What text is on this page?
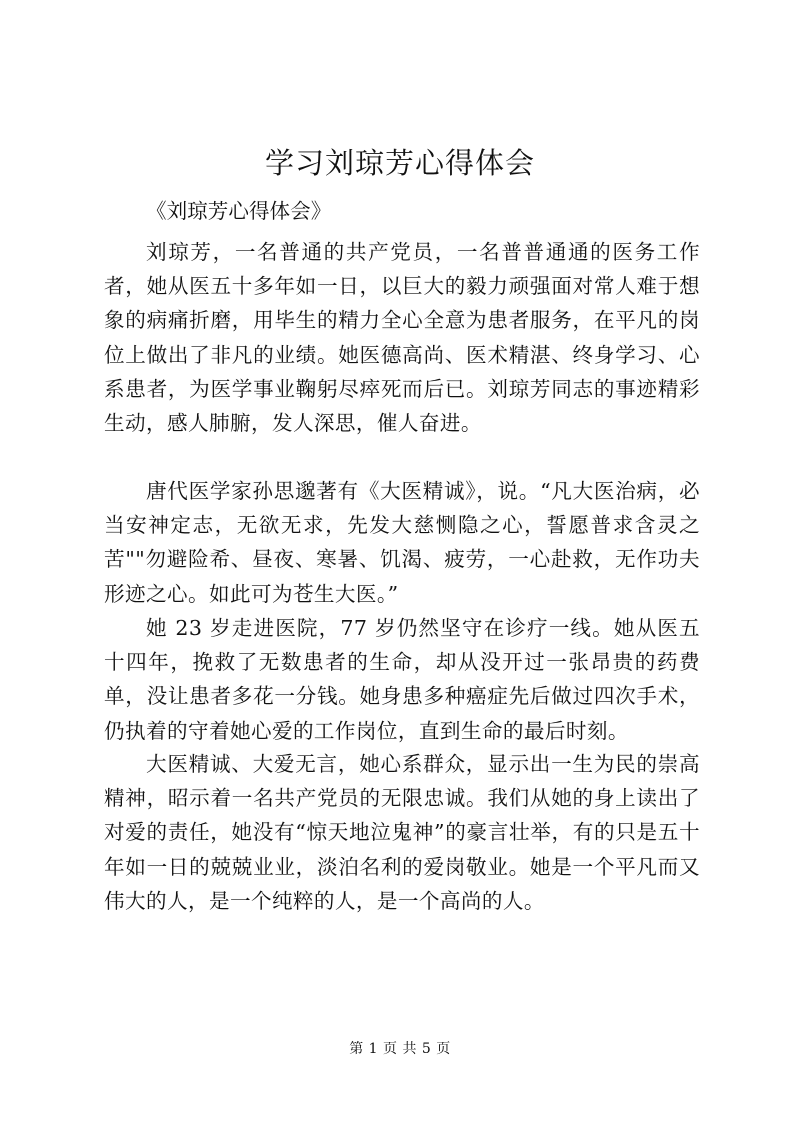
学习刘琼芳心得体会

《刘琼芳心得体会》

刘琼芳，一名普通的共产党员，一名普普通通的医务工作者，她从医五十多年如一日，以巨大的毅力顽强面对常人难于想象的病痛折磨，用毕生的精力全心全意为患者服务，在平凡的岗位上做出了非凡的业绩。她医德高尚、医术精湛、终身学习、心系患者，为医学事业鞠躬尽瘁死而后已。刘琼芳同志的事迹精彩生动，感人肺腑，发人深思，催人奋进。

唐代医学家孙思邈著有《大医精诚》，说。“凡大医治病，必当安神定志，无欲无求，先发大慈恻隐之心，誓愿普求含灵之苦""勿避险希、昼夜、寒暑、饥渴、疲劳，一心赴救，无作功夫形迹之心。如此可为苍生大医。”

她 23 岁走进医院，77 岁仍然坚守在诊疗一线。她从医五十四年，挽救了无数患者的生命，却从没开过一张昂贵的药费单，没让患者多花一分钱。她身患多种癌症先后做过四次手术，仍执着的守着她心爱的工作岗位，直到生命的最后时刻。

大医精诚、大爱无言，她心系群众，显示出一生为民的崇高精神，昭示着一名共产党员的无限忠诚。我们从她的身上读出了对爱的责任，她没有“惊天地泣鬼神”的豪言壮举，有的只是五十年如一日的兢兢业业，淡泊名利的爱岗敬业。她是一个平凡而又伟大的人，是一个纯粹的人，是一个高尚的人。

第 1 页 共 5 页
